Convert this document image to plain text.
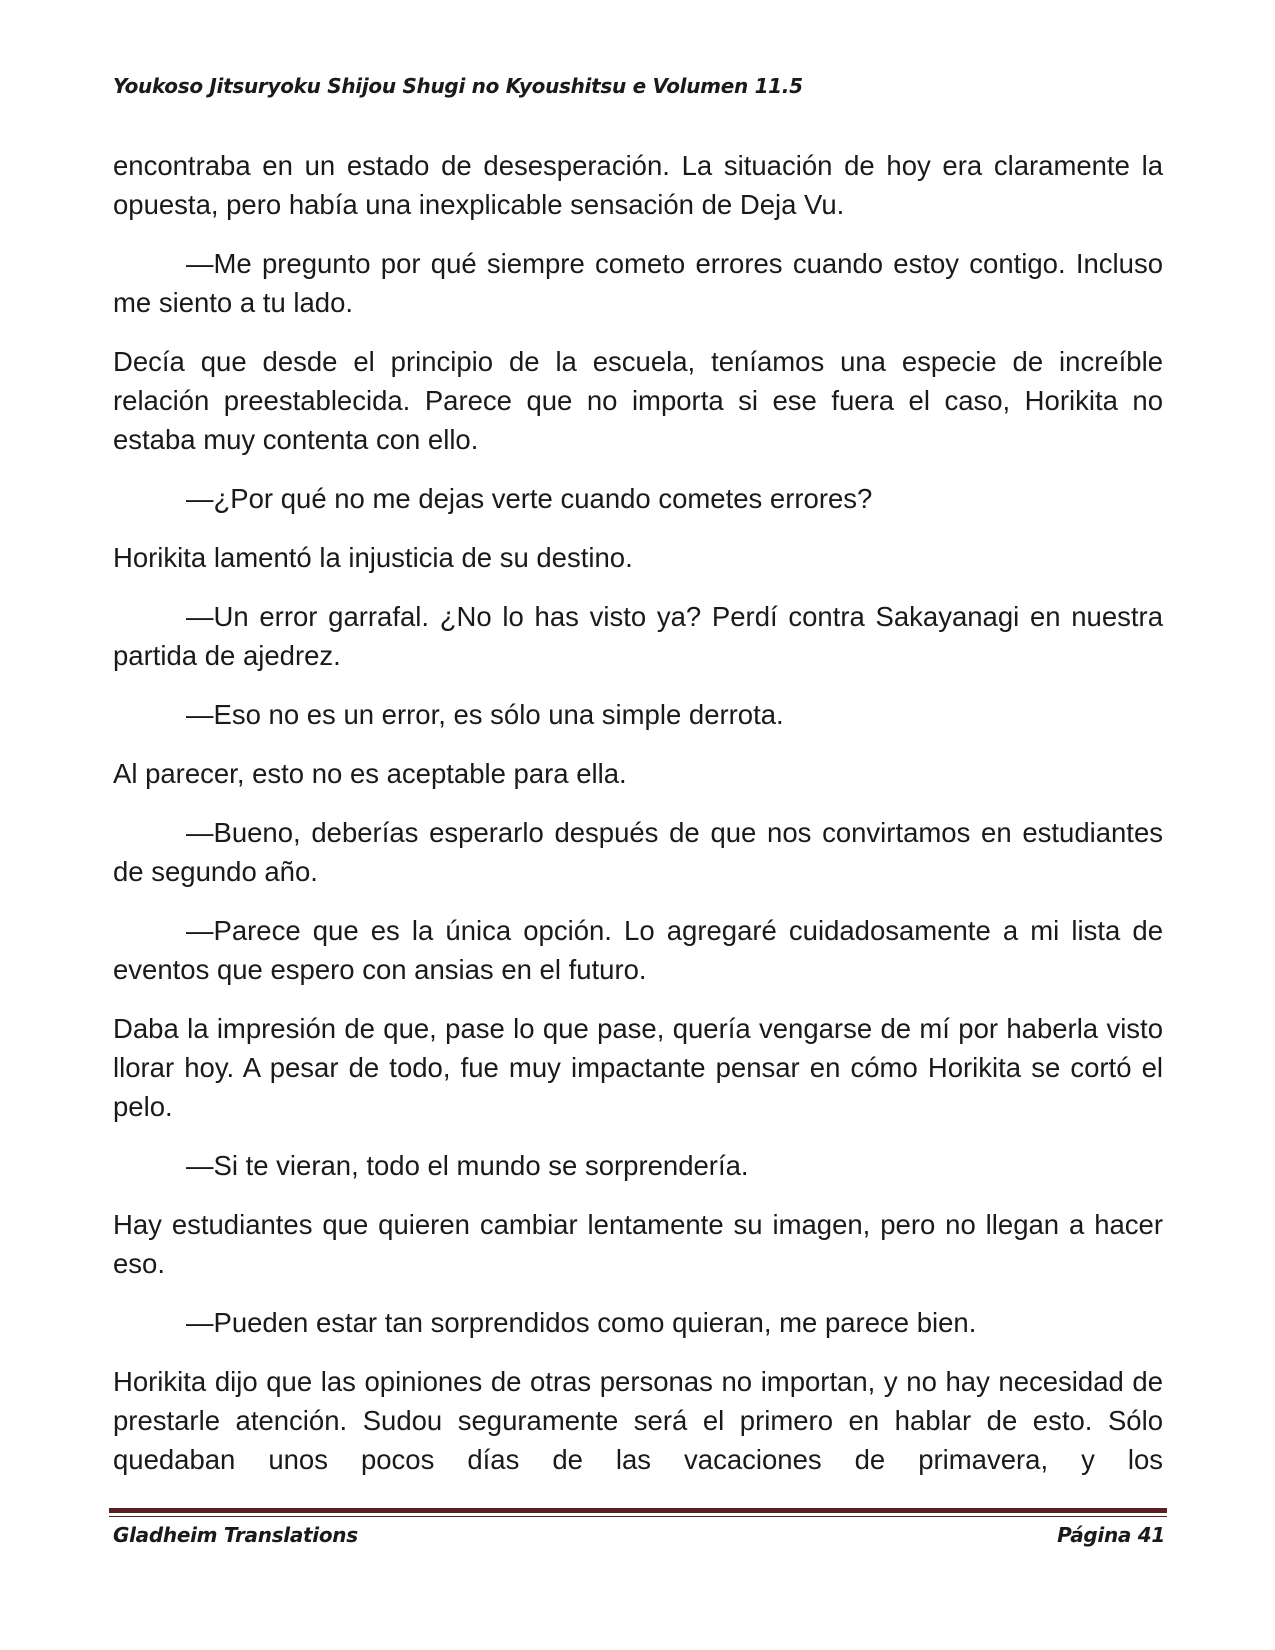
Youkoso Jitsuryoku Shijou Shugi no Kyoushitsu e Volumen 11.5

encontraba en un estado de desesperación. La situación de hoy era claramente la opuesta, pero había una inexplicable sensación de Deja Vu.

—Me pregunto por qué siempre cometo errores cuando estoy contigo. Incluso me siento a tu lado.

Decía que desde el principio de la escuela, teníamos una especie de increíble relación preestablecida. Parece que no importa si ese fuera el caso, Horikita no estaba muy contenta con ello.

—¿Por qué no me dejas verte cuando cometes errores?

Horikita lamentó la injusticia de su destino.

—Un error garrafal. ¿No lo has visto ya? Perdí contra Sakayanagi en nuestra partida de ajedrez.

—Eso no es un error, es sólo una simple derrota.

Al parecer, esto no es aceptable para ella.

—Bueno, deberías esperarlo después de que nos convirtamos en estudiantes de segundo año.

—Parece que es la única opción. Lo agregaré cuidadosamente a mi lista de eventos que espero con ansias en el futuro.

Daba la impresión de que, pase lo que pase, quería vengarse de mí por haberla visto llorar hoy. A pesar de todo, fue muy impactante pensar en cómo Horikita se cortó el pelo.

—Si te vieran, todo el mundo se sorprendería.

Hay estudiantes que quieren cambiar lentamente su imagen, pero no llegan a hacer eso.

—Pueden estar tan sorprendidos como quieran, me parece bien.

Horikita dijo que las opiniones de otras personas no importan, y no hay necesidad de prestarle atención. Sudou seguramente será el primero en hablar de esto. Sólo quedaban unos pocos días de las vacaciones de primavera, y los

Gladheim Translations	Página 41
